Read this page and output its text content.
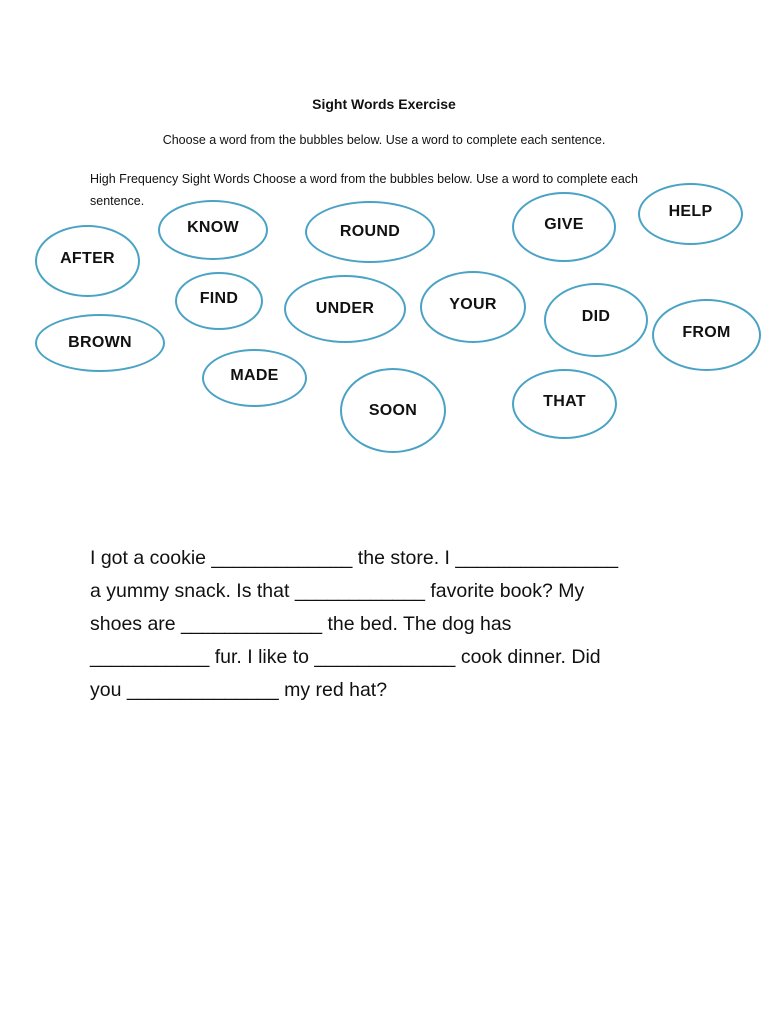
Sight Words Exercise
Choose a word from the bubbles below. Use a word to complete each sentence.
High Frequency Sight Words Choose a word from the bubbles below. Use a word to complete each sentence.
AFTER
KNOW	ROUND	GIVE
HELP
FIND
UNDER	YOUR
DID
FROM
BROWN
MADE
SOON	THAT
I got a cookie _____________ the store. I _______________
a yummy snack. Is that ____________ favorite book? My
shoes are _____________ the bed. The dog has
___________ fur. I like to _____________ cook dinner. Did
you ______________ my red hat?
